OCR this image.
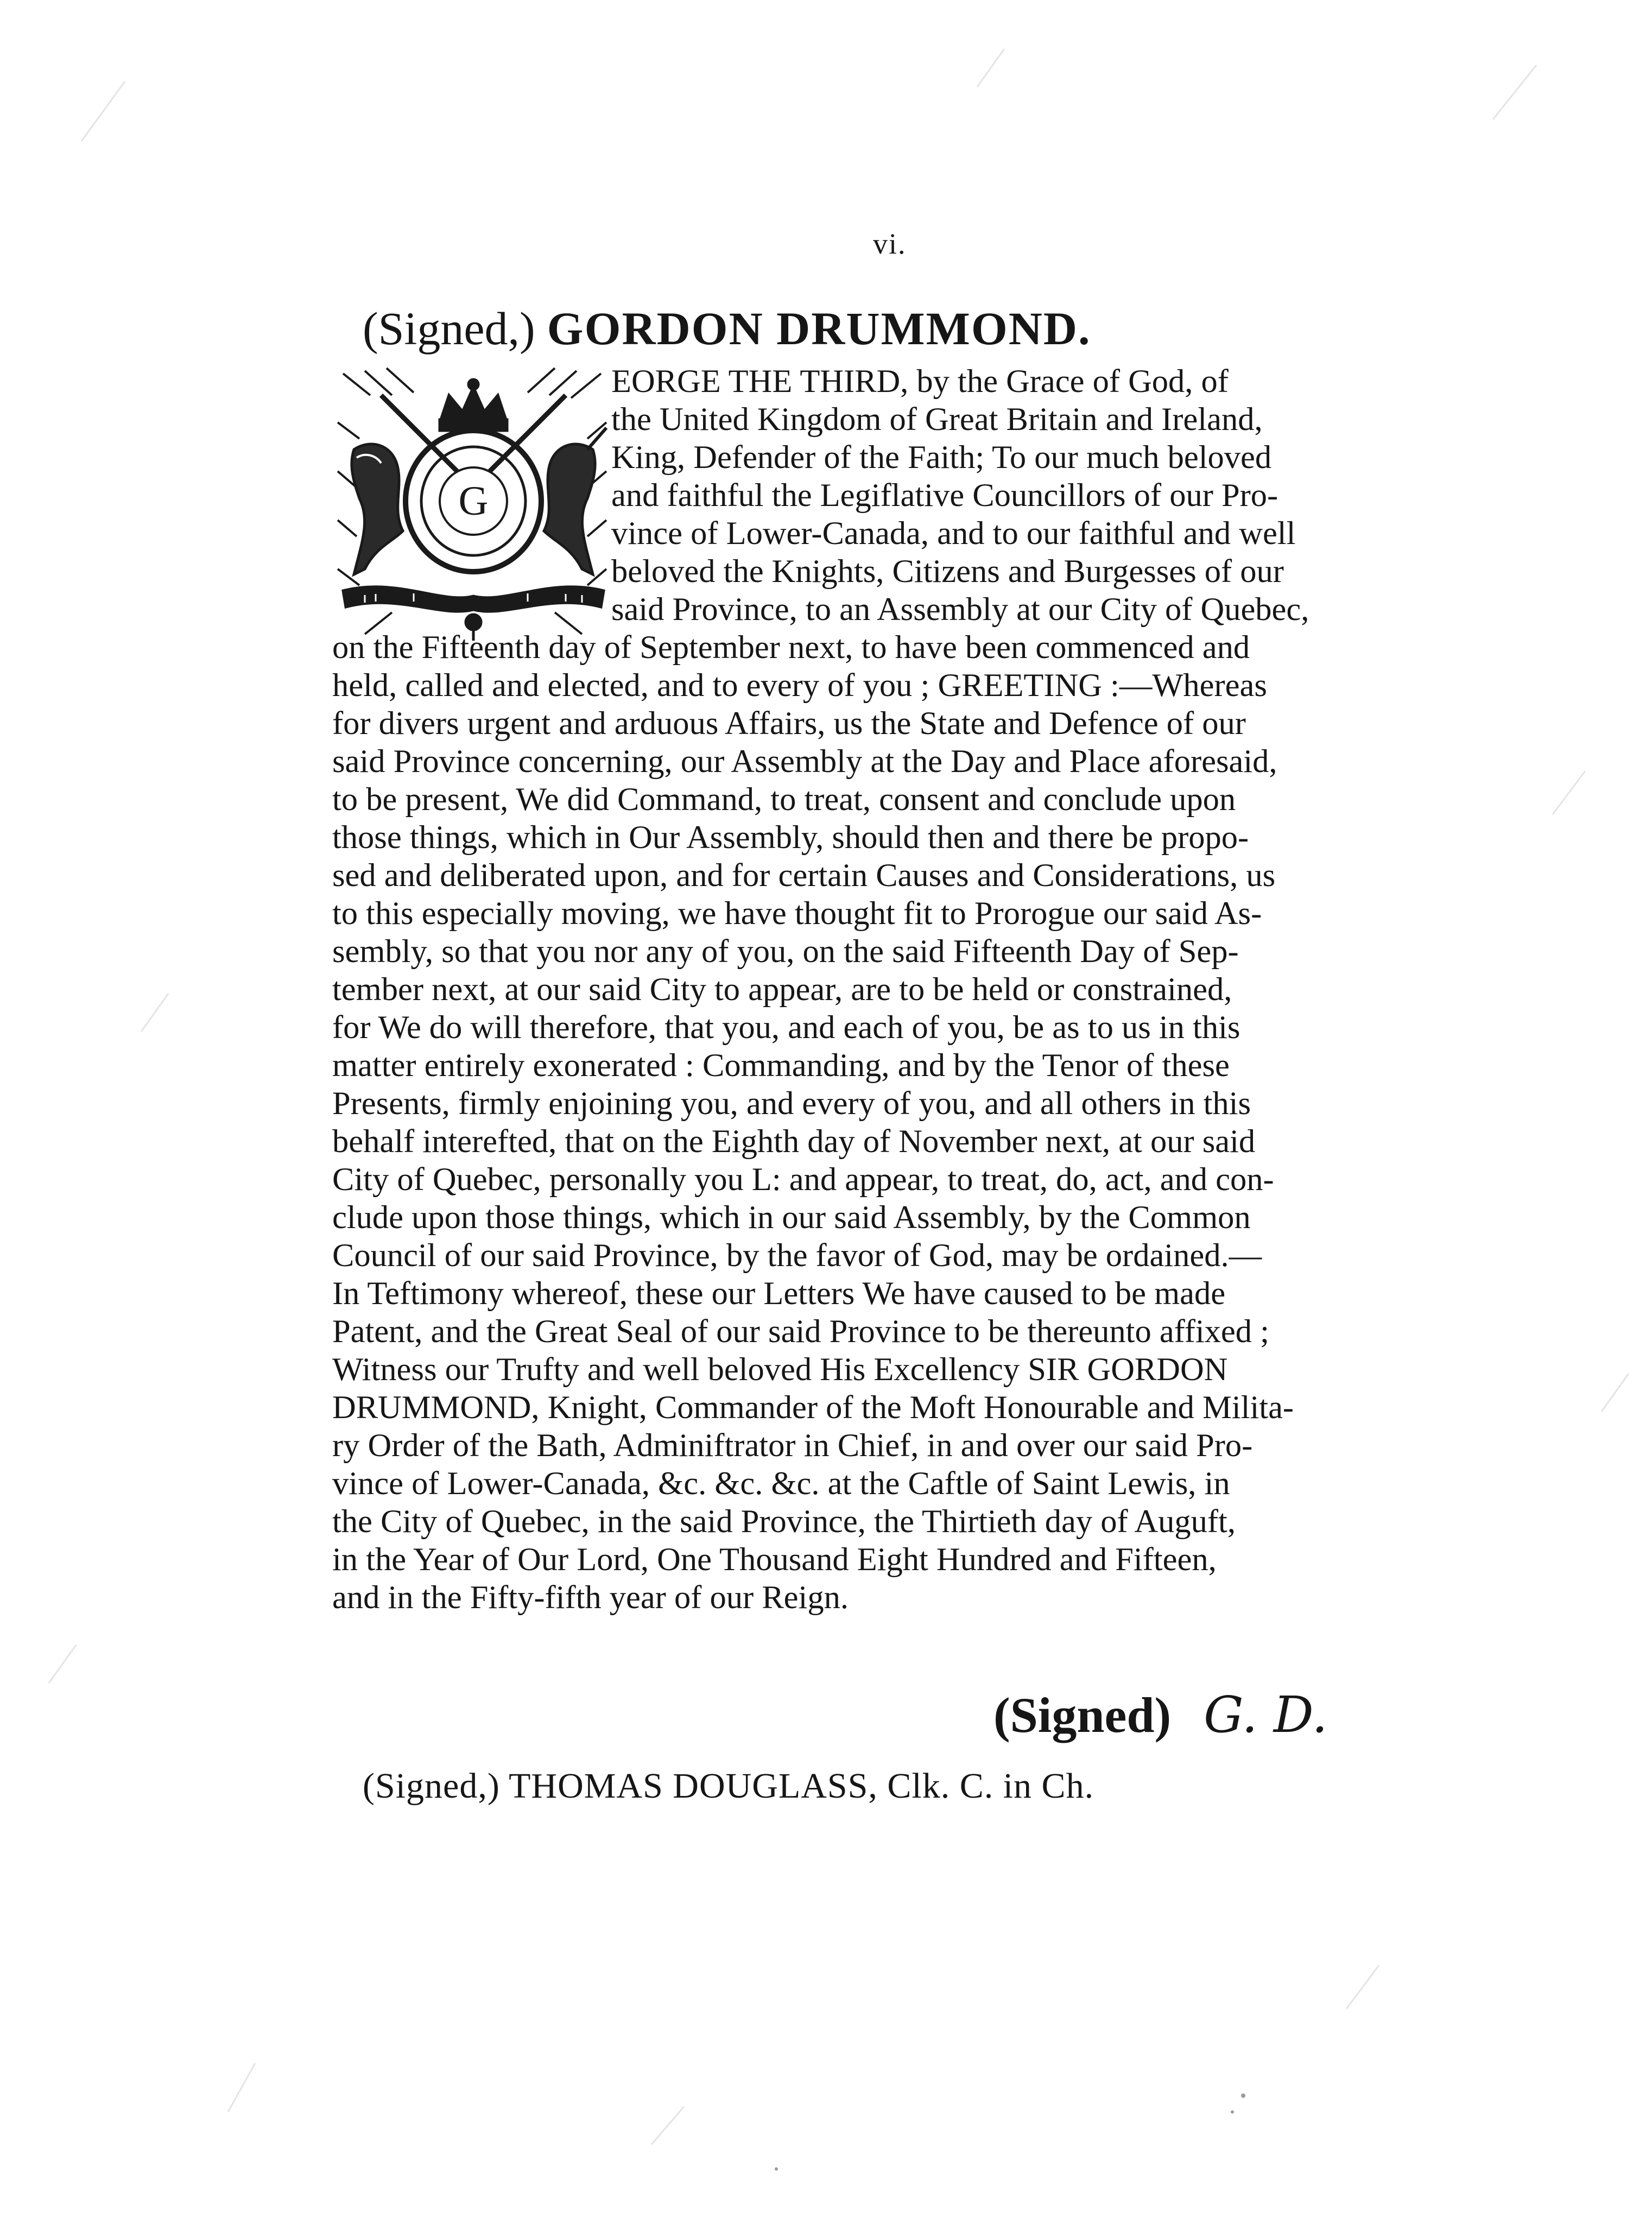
vi.
(Signed,) GORDON DRUMMOND.
G
EORGE THE THIRD, by the Grace of God, of
the United Kingdom of Great Britain and Ireland,
King, Defender of the Faith; To our much beloved
and faithful the Legiflative Councillors of our Pro-
vince of Lower-Canada, and to our faithful and well
beloved the Knights, Citizens and Burgesses of our
said Province, to an Assembly at our City of Quebec,
on the Fifteenth day of September next, to have been commenced and
held, called and elected, and to every of you ; GREETING :—Whereas
for divers urgent and arduous Affairs, us the State and Defence of our
said Province concerning, our Assembly at the Day and Place aforesaid,
to be present, We did Command, to treat, consent and conclude upon
those things, which in Our Assembly, should then and there be propo-
sed and deliberated upon, and for certain Causes and Considerations, us
to this especially moving, we have thought fit to Prorogue our said As-
sembly, so that you nor any of you, on the said Fifteenth Day of Sep-
tember next, at our said City to appear, are to be held or constrained,
for We do will therefore, that you, and each of you, be as to us in this
matter entirely exonerated : Commanding, and by the Tenor of these
Presents, firmly enjoining you, and every of you, and all others in this
behalf interefted, that on the Eighth day of November next, at our said
City of Quebec, personally you L: and appear, to treat, do, act, and con-
clude upon those things, which in our said Assembly, by the Common
Council of our said Province, by the favor of God, may be ordained.—
In Teftimony whereof, these our Letters We have caused to be made
Patent, and the Great Seal of our said Province to be thereunto affixed ;
Witness our Trufty and well beloved His Excellency SIR GORDON
DRUMMOND, Knight, Commander of the Moft Honourable and Milita-
ry Order of the Bath, Adminiftrator in Chief, in and over our said Pro-
vince of Lower-Canada, &c. &c. &c. at the Caftle of Saint Lewis, in
the City of Quebec, in the said Province, the Thirtieth day of Auguft,
in the Year of Our Lord, One Thousand Eight Hundred and Fifteen,
and in the Fifty-fifth year of our Reign.
(Signed) G. D.
(Signed,) THOMAS DOUGLASS, Clk. C. in Ch.
